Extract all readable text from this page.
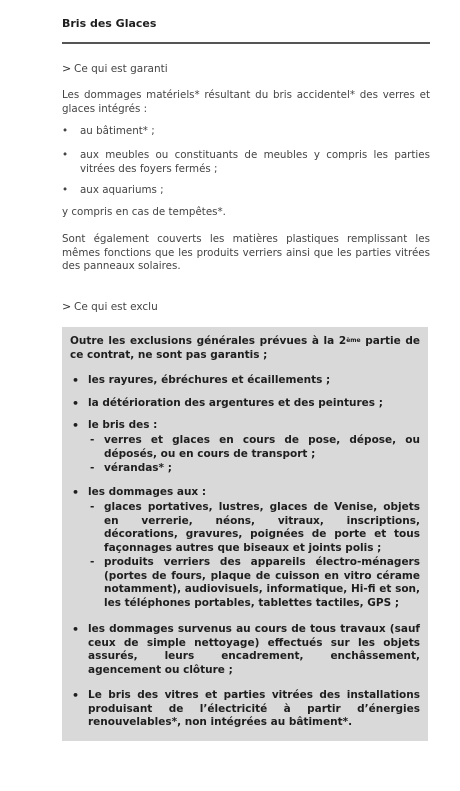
Bris des Glaces
> Ce qui est garanti

Les dommages matériels* résultant du bris accidentel* des verres et glaces intégrés :

•	au bâtiment* ;
•	aux meubles ou constituants de meubles y compris les parties vitrées des foyers fermés ;
•	aux aquariums ;

y compris en cas de tempêtes*.

Sont également couverts les matières plastiques remplissant les mêmes fonctions que les produits verriers ainsi que les parties vitrées des panneaux solaires.

> Ce qui est exclu
Outre les exclusions générales prévues à la 2ème partie de ce contrat, ne sont pas garantis ;
• les rayures, ébréchures et écaillements ;
• la détérioration des argentures et des peintures ;
• le bris des :
- verres et glaces en cours de pose, dépose, ou déposés, ou en cours de transport ;
- vérandas* ;
• les dommages aux :
- glaces portatives, lustres, glaces de Venise, objets en verrerie, néons, vitraux, inscriptions, décorations, gravures, poignées de porte et tous façonnages autres que biseaux et joints polis ;
- produits verriers des appareils électro-ménagers (portes de fours, plaque de cuisson en vitro cérame notamment), audiovisuels, informatique, Hi-fi et son, les téléphones portables, tablettes tactiles, GPS ;
• les dommages survenus au cours de tous travaux (sauf ceux de simple nettoyage) effectués sur les objets assurés, leurs encadrement, enchâssement, agencement ou clôture ;
• Le bris des vitres et parties vitrées des installations produisant de l’électricité à partir d’énergies renouvelables*, non intégrées au bâtiment*.
